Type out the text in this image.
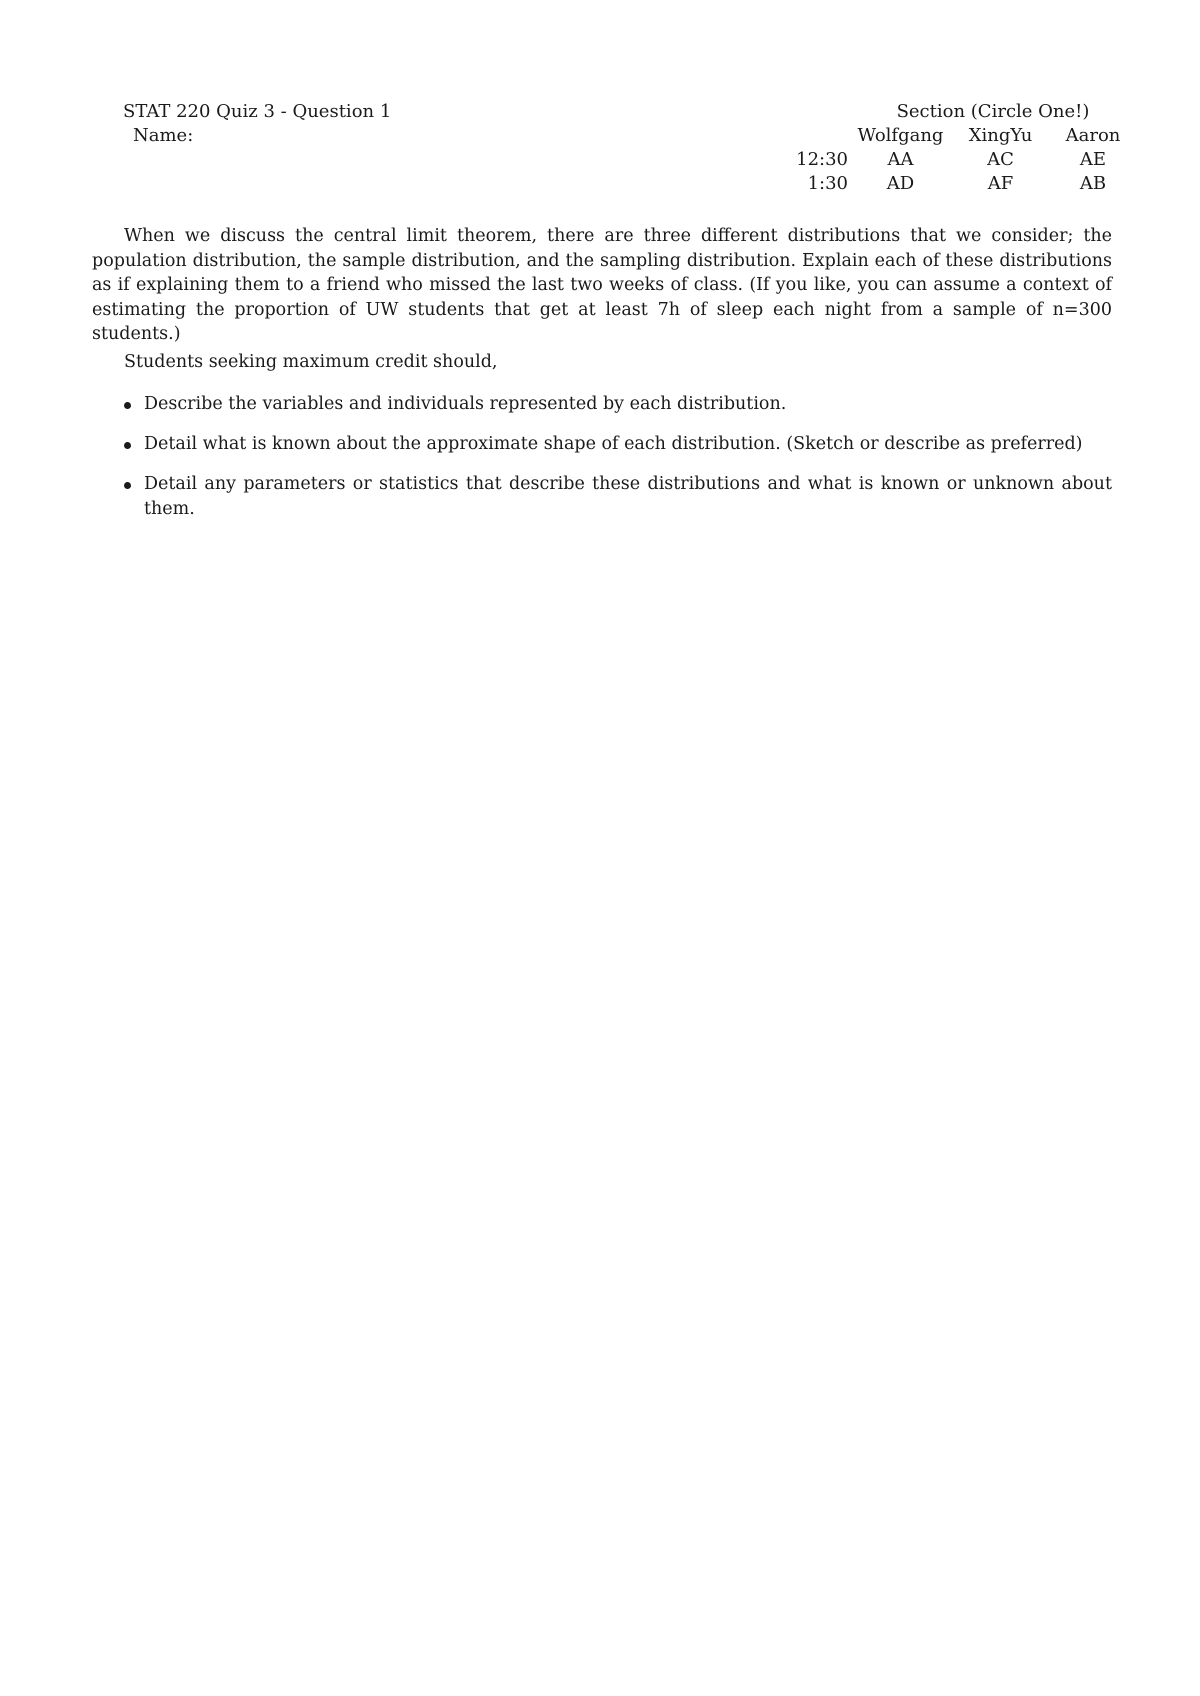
STAT 220 Quiz 3 - Question 1
Name:
	Section (Circle One!)		
	Wolfgang	XingYu	Aaron
12:30	AA	AC	AE
1:30	AD	AF	AB

When we discuss the central limit theorem, there are three different distributions that we consider; the population distribution, the sample distribution, and the sampling distribution. Explain each of these distributions as if explaining them to a friend who missed the last two weeks of class. (If you like, you can assume a context of estimating the proportion of UW students that get at least 7h of sleep each night from a sample of n=300 students.)

Students seeking maximum credit should,
Describe the variables and individuals represented by each distribution.
Detail what is known about the approximate shape of each distribution. (Sketch or describe as preferred)
Detail any parameters or statistics that describe these distributions and what is known or unknown about them.
